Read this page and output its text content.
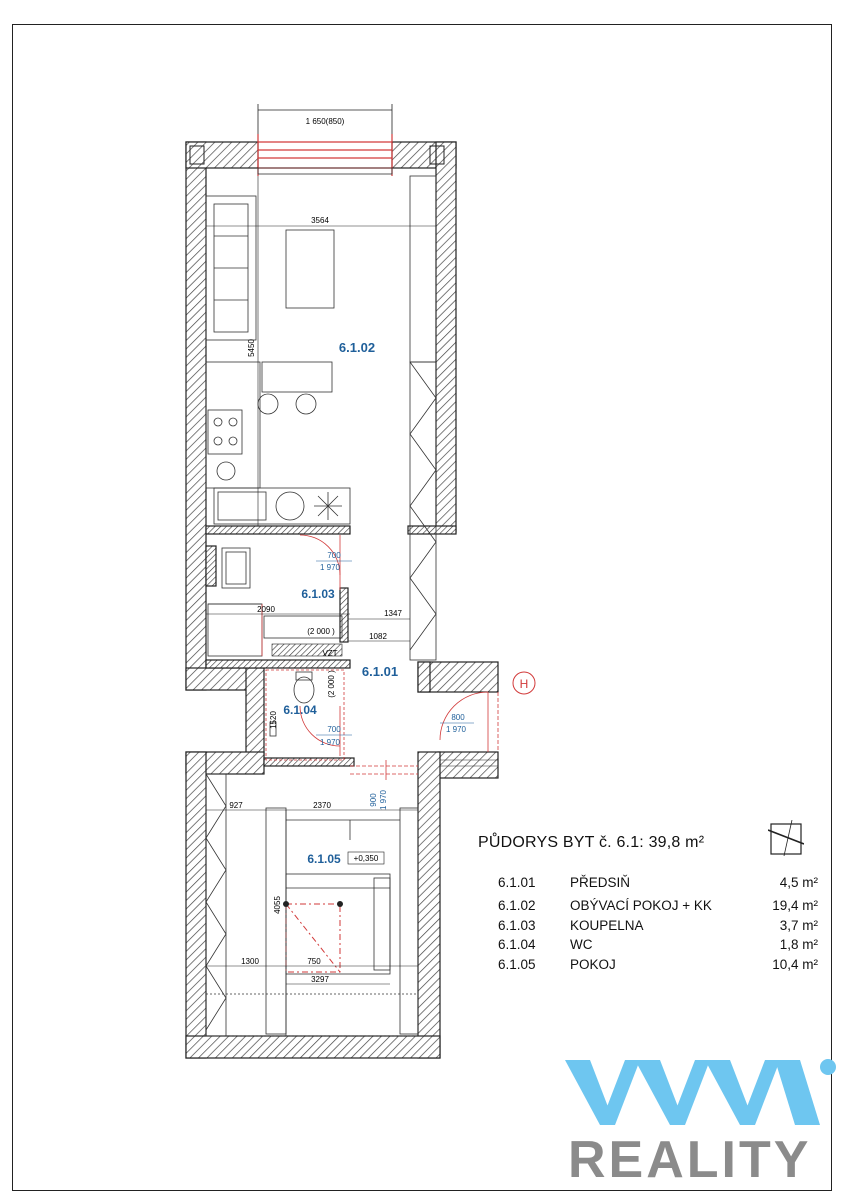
1 650(850)
3564
5450	6.1.02
700
1 970
6.1.03
2090
(2 000 )
1347
1082
VZT
6.1.01
(2 000 )
1520
6.1.04
700
1 970
800
1 970
H
900 1 970
927	2370
4055
1300	750
3297
6.1.05 +0,350
PŮDORYS BYT č. 6.1: 39,8 m²
6.1.01	PŘEDSIŇ	4,5 m²
6.1.02	OBÝVACÍ POKOJ + KK	19,4 m²
6.1.03	KOUPELNA	3,7 m²
6.1.04	WC	1,8 m²
6.1.05	POKOJ	10,4 m²
REALITY
